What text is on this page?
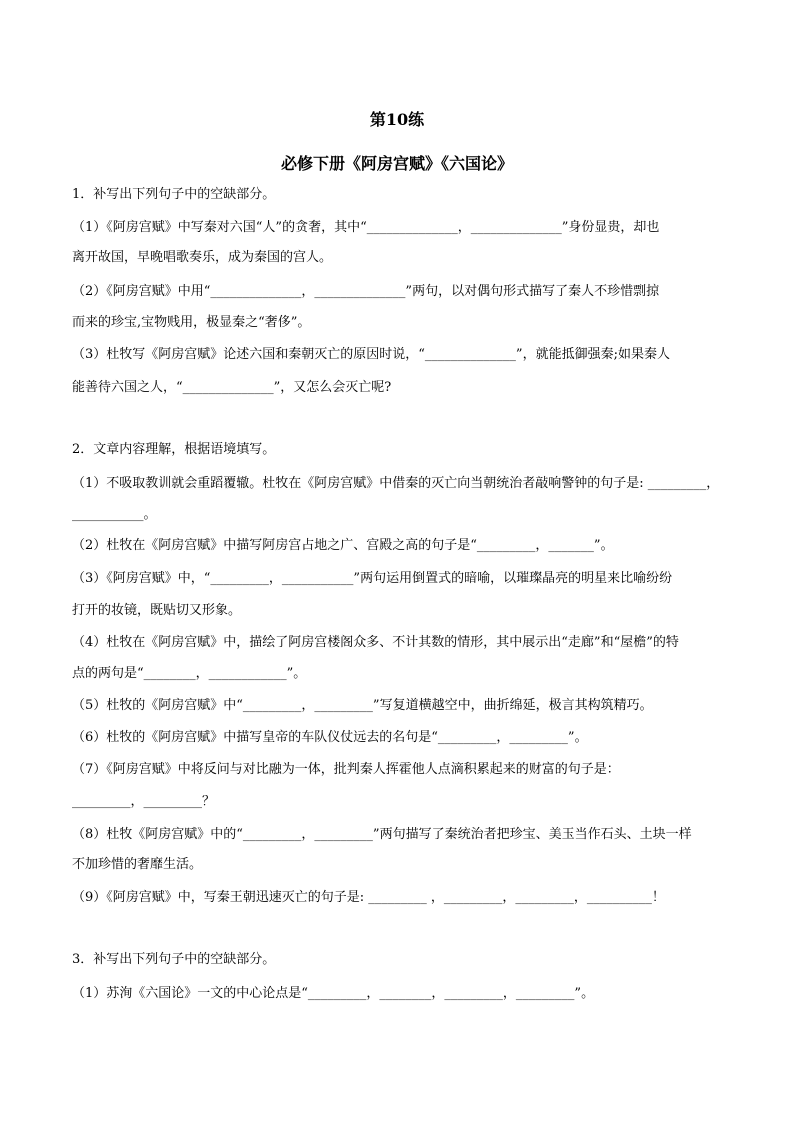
第10练
必修下册《阿房宫赋》《六国论》
1．补写出下列句子中的空缺部分。
（1）《阿房宫赋》中写秦对六国“人”的贪奢，其中“______________，______________”身份显贵，却也
离开故国，早晚唱歌奏乐，成为秦国的宫人。
（2）《阿房宫赋》中用“______________，______________”两句，以对偶句形式描写了秦人不珍惜剽掠
而来的珍宝,宝物贱用，极显秦之“奢侈”。
（3）杜牧写《阿房宫赋》论述六国和秦朝灭亡的原因时说，“______________”，就能抵御强秦;如果秦人
能善待六国之人，“______________”，又怎么会灭亡呢?
2．文章内容理解，根据语境填写。
（1）不吸取教训就会重蹈覆辙。杜牧在《阿房宫赋》中借秦的灭亡向当朝统治者敲响警钟的句子是: _________，
___________。
（2）杜牧在《阿房宫赋》中描写阿房宫占地之广、宫殿之高的句子是“_________，_______”。
（3）《阿房宫赋》中，“_________，___________”两句运用倒置式的暗喻，以璀璨晶亮的明星来比喻纷纷
打开的妆镜，既贴切又形象。
（4）杜牧在《阿房宫赋》中，描绘了阿房宫楼阁众多、不计其数的情形，其中展示出“走廊”和“屋檐”的特
点的两句是“________，____________”。
（5）杜牧的《阿房宫赋》中“_________，_________”写复道横越空中，曲折绵延，极言其构筑精巧。
（6）杜牧的《阿房宫赋》中描写皇帝的车队仪仗远去的名句是“_________，_________”。
（7）《阿房宫赋》中将反问与对比融为一体，批判秦人挥霍他人点滴积累起来的财富的句子是：
_________，_________？
（8）杜牧《阿房宫赋》中的“_________，_________”两句描写了秦统治者把珍宝、美玉当作石头、土块一样
不加珍惜的奢靡生活。
（9）《阿房宫赋》中，写秦王朝迅速灭亡的句子是: _________ ，_________，_________，__________！
3．补写出下列句子中的空缺部分。
（1）苏洵《六国论》一文的中心论点是“_________，________，_________，_________”。
